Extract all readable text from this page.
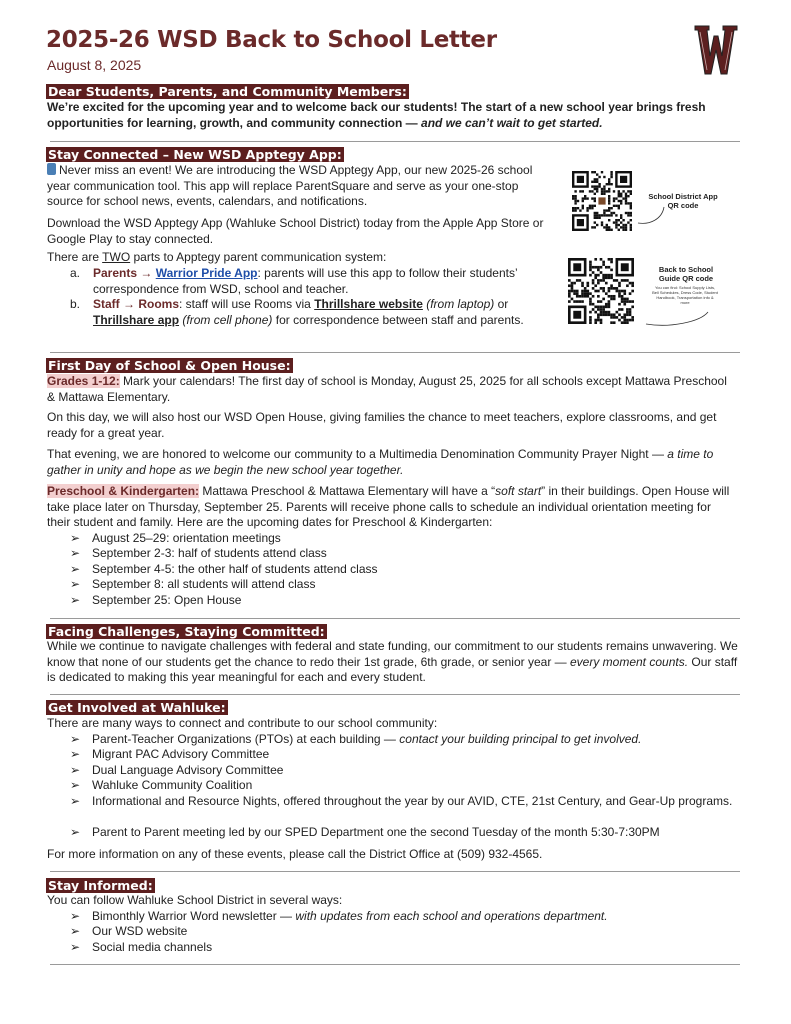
2025-26 WSD Back to School Letter
August 8, 2025
Dear Students, Parents, and Community Members:
We’re excited for the upcoming year and to welcome back our students! The start of a new school year brings fresh opportunities for learning, growth, and community connection — and we can’t wait to get started.
Stay Connected – New WSD Apptegy App:
Never miss an event! We are introducing the WSD Apptegy App, our new 2025-26 school year communication tool. This app will replace ParentSquare and serve as your one-stop source for school news, events, calendars, and notifications.
Download the WSD Apptegy App (Wahluke School District) today from the Apple App Store or Google Play to stay connected.
There are TWO parts to Apptegy parent communication system:
a.	Parents → Warrior Pride App: parents will use this app to follow their students’ correspondence from WSD, school and teacher.
b.	Staff → Rooms: staff will use Rooms via Thrillshare website (from laptop) or Thrillshare app (from cell phone) for correspondence between staff and parents.
School District App QR code
Back to School Guide QR code
You can find: School Supply Lists, Bell Schedules, Dress Code, Student Handbook, Transportation info & more
First Day of School & Open House:
Grades 1-12: Mark your calendars! The first day of school is Monday, August 25, 2025 for all schools except Mattawa Preschool & Mattawa Elementary.
On this day, we will also host our WSD Open House, giving families the chance to meet teachers, explore classrooms, and get ready for a great year.
That evening, we are honored to welcome our community to a Multimedia Denomination Community Prayer Night — a time to gather in unity and hope as we begin the new school year together.
Preschool & Kindergarten: Mattawa Preschool & Mattawa Elementary will have a “soft start” in their buildings. Open House will take place later on Thursday, September 25. Parents will receive phone calls to schedule an individual orientation meeting for their student and family. Here are the upcoming dates for Preschool & Kindergarten:
➢ August 25–29: orientation meetings
➢ September 2-3: half of students attend class
➢ September 4-5: the other half of students attend class
➢ September 8: all students will attend class
➢ September 25: Open House
Facing Challenges, Staying Committed:
While we continue to navigate challenges with federal and state funding, our commitment to our students remains unwavering. We know that none of our students get the chance to redo their 1st grade, 6th grade, or senior year — every moment counts. Our staff is dedicated to making this year meaningful for each and every student.
Get Involved at Wahluke:
There are many ways to connect and contribute to our school community:
➢ Parent-Teacher Organizations (PTOs) at each building — contact your building principal to get involved.
➢ Migrant PAC Advisory Committee
➢ Dual Language Advisory Committee
➢ Wahluke Community Coalition
➢ Informational and Resource Nights, offered throughout the year by our AVID, CTE, 21st Century, and Gear-Up programs.
➢ Parent to Parent meeting led by our SPED Department one the second Tuesday of the month 5:30-7:30PM
For more information on any of these events, please call the District Office at (509) 932-4565.
Stay Informed:
You can follow Wahluke School District in several ways:
➢ Bimonthly Warrior Word newsletter — with updates from each school and operations department.
➢ Our WSD website
➢ Social media channels
